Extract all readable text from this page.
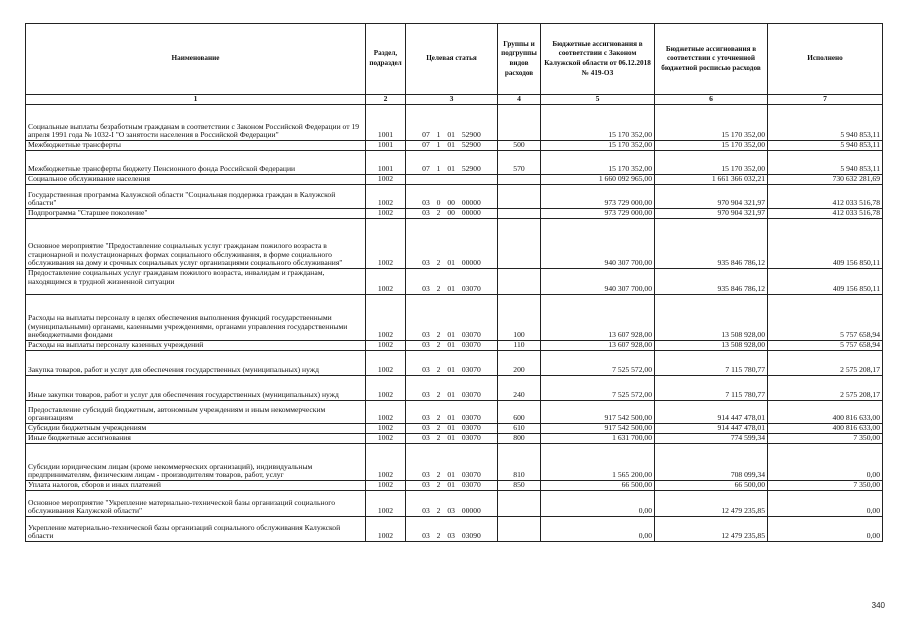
Наименование	Раздел, подраздел	Целевая статья	Группы и подгруппы видов расходов	Бюджетные ассигнования в соответствии с Законом Калужской области от 06.12.2018 № 419-ОЗ	Бюджетные ассигнования в соответствии с уточненной бюджетной росписью расходов	Исполнено
1	2	3	4	5	6	7
Социальные выплаты безработным гражданам в соответствии с Законом Российской Федерации от 19 апреля 1991 года № 1032-I "О занятости населения в Российской Федерации"	1001	07 1 01 52900		15 170 352,00	15 170 352,00	5 940 853,11
Межбюджетные трансферты	1001	07 1 01 52900	500	15 170 352,00	15 170 352,00	5 940 853,11
Межбюджетные трансферты бюджету Пенсионного фонда Российской Федерации	1001	07 1 01 52900	570	15 170 352,00	15 170 352,00	5 940 853,11
Социальное обслуживание населения	1002			1 660 092 965,00	1 661 366 032,21	730 632 281,69
Государственная программа Калужской области "Социальная поддержка граждан в Калужской области"	1002	03 0 00 00000		973 729 000,00	970 904 321,97	412 033 516,78
Подпрограмма "Старшее поколение"	1002	03 2 00 00000		973 729 000,00	970 904 321,97	412 033 516,78
Основное мероприятие "Предоставление социальных услуг гражданам пожилого возраста в стационарной и полустационарных формах социального обслуживания, в форме социального обслуживания на дому и срочных социальных услуг организациями социального обслуживания"	1002	03 2 01 00000		940 307 700,00	935 846 786,12	409 156 850,11
Предоставление социальных услуг гражданам пожилого возраста, инвалидам и гражданам, находящимся в трудной жизненной ситуации	1002	03 2 01 03070		940 307 700,00	935 846 786,12	409 156 850,11
Расходы на выплаты персоналу в целях обеспечения выполнения функций государственными (муниципальными) органами, казенными учреждениями, органами управления государственными внебюджетными фондами	1002	03 2 01 03070	100	13 607 928,00	13 508 928,00	5 757 658,94
Расходы на выплаты персоналу казенных учреждений	1002	03 2 01 03070	110	13 607 928,00	13 508 928,00	5 757 658,94
Закупка товаров, работ и услуг для обеспечения государственных (муниципальных) нужд	1002	03 2 01 03070	200	7 525 572,00	7 115 780,77	2 575 208,17
Иные закупки товаров, работ и услуг для обеспечения государственных (муниципальных) нужд	1002	03 2 01 03070	240	7 525 572,00	7 115 780,77	2 575 208,17
Предоставление субсидий бюджетным, автономным учреждениям и иным некоммерческим организациям	1002	03 2 01 03070	600	917 542 500,00	914 447 478,01	400 816 633,00
Субсидии бюджетным учреждениям	1002	03 2 01 03070	610	917 542 500,00	914 447 478,01	400 816 633,00
Иные бюджетные ассигнования	1002	03 2 01 03070	800	1 631 700,00	774 599,34	7 350,00
Субсидии юридическим лицам (кроме некоммерческих организаций), индивидуальным предпринимателям, физическим лицам - производителям товаров, работ, услуг	1002	03 2 01 03070	810	1 565 200,00	708 099,34	0,00
Уплата налогов, сборов и иных платежей	1002	03 2 01 03070	850	66 500,00	66 500,00	7 350,00
Основное мероприятие "Укрепление материально-технической базы организаций социального обслуживания Калужской области"	1002	03 2 03 00000		0,00	12 479 235,85	0,00
Укрепление материально-технической базы организаций социального обслуживания Калужской области	1002	03 2 03 03090		0,00	12 479 235,85	0,00
340
